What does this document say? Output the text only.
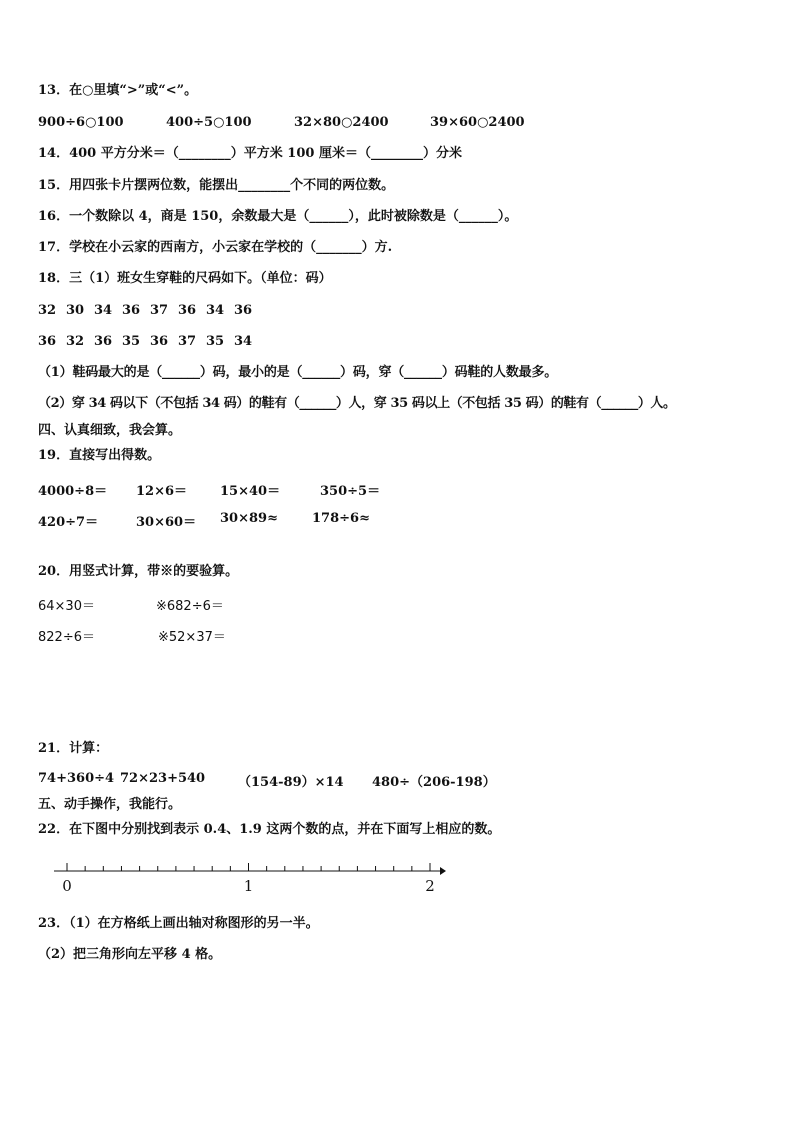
13．在○里填“>”或“<”。
900÷6○100	400÷5○100	32×80○2400	39×60○2400
14．400 平方分米＝（________）平方米 100 厘米＝（________）分米
15．用四张卡片摆两位数，能摆出________个不同的两位数。
16．一个数除以 4，商是 150，余数最大是（______），此时被除数是（______）。
17．学校在小云家的西南方，小云家在学校的（_______）方.
18．三（1）班女生穿鞋的尺码如下。（单位：码）
32 30 34 36 37 36 34 36
36 32 36 35 36 37 35 34
（1）鞋码最大的是（______）码，最小的是（______）码，穿（______）码鞋的人数最多。
（2）穿 34 码以下（不包括 34 码）的鞋有（______）人，穿 35 码以上（不包括 35 码）的鞋有（______）人。
四、认真细致，我会算。
19．直接写出得数。
4000÷8＝ 12×6＝	15×40＝	350÷5＝
420÷7＝	30×60＝ 30×89≈	178÷6≈
20．用竖式计算，带※的要验算。
64×30＝	※682÷6＝
822÷6＝	※52×37＝
21．计算：
74+360÷4 72×23+540	（154-89）×14 480÷（206-198）
五、动手操作，我能行。
22．在下图中分别找到表示 0.4、1.9 这两个数的点，并在下面写上相应的数。
0	1	2
23．（1）在方格纸上画出轴对称图形的另一半。
（2）把三角形向左平移 4 格。
